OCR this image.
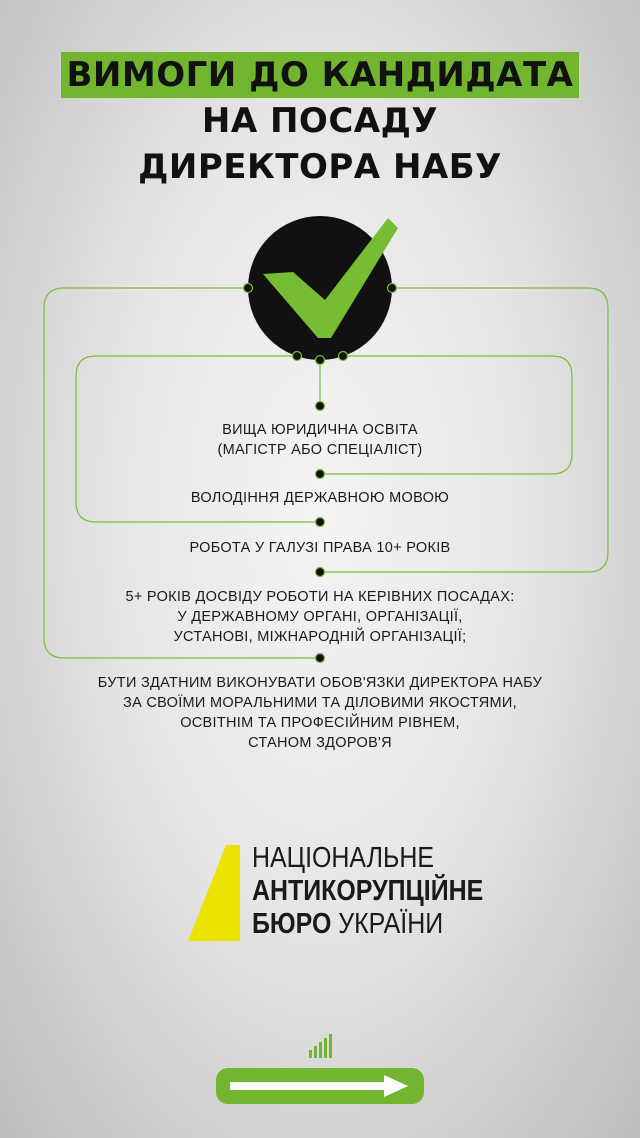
ВИМОГИ ДО КАНДИДАТА
НА ПОСАДУ
ДИРЕКТОРА НАБУ
ВИЩА ЮРИДИЧНА ОСВІТА
(МАГІСТР АБО СПЕЦІАЛІСТ)
ВОЛОДІННЯ ДЕРЖАВНОЮ МОВОЮ
РОБОТА У ГАЛУЗІ ПРАВА 10+ РОКІВ
5+ РОКІВ ДОСВІДУ РОБОТИ НА КЕРІВНИХ ПОСАДАХ:
У ДЕРЖАВНОМУ ОРГАНІ, ОРГАНІЗАЦІЇ,
УСТАНОВІ, МІЖНАРОДНІЙ ОРГАНІЗАЦІЇ;
БУТИ ЗДАТНИМ ВИКОНУВАТИ ОБОВ'ЯЗКИ ДИРЕКТОРА НАБУ
ЗА СВОЇМИ МОРАЛЬНИМИ ТА ДІЛОВИМИ ЯКОСТЯМИ,
ОСВІТНІМ ТА ПРОФЕСІЙНИМ РІВНЕМ,
СТАНОМ ЗДОРОВ'Я
НАЦІОНАЛЬНЕ
АНТИКОРУПЦІЙНЕ
БЮРО УКРАЇНИ
